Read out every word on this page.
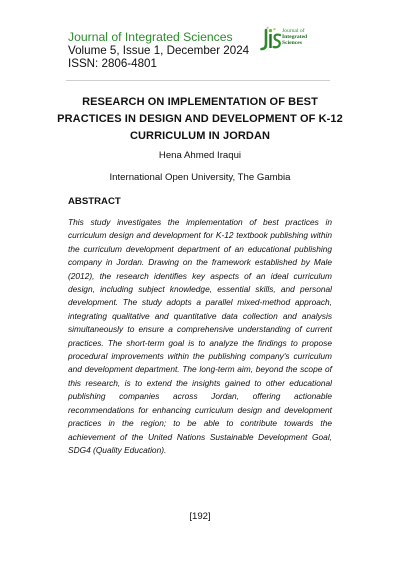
Journal of Integrated Sciences
Volume 5, Issue 1, December 2024
ISSN: 2806-4801
Journal of
Integrated
Sciences
RESEARCH ON IMPLEMENTATION OF BEST PRACTICES IN DESIGN AND DEVELOPMENT OF K-12 CURRICULUM IN JORDAN
Hena Ahmed Iraqui
International Open University, The Gambia
ABSTRACT
This study investigates the implementation of best practices in curriculum design and development for K-12 textbook publishing within the curriculum development department of an educational publishing company in Jordan. Drawing on the framework established by Male (2012), the research identifies key aspects of an ideal curriculum design, including subject knowledge, essential skills, and personal development. The study adopts a parallel mixed-method approach, integrating qualitative and quantitative data collection and analysis simultaneously to ensure a comprehensive understanding of current practices. The short-term goal is to analyze the findings to propose procedural improvements within the publishing company's curriculum and development department. The long-term aim, beyond the scope of this research, is to extend the insights gained to other educational publishing companies across Jordan, offering actionable recommendations for enhancing curriculum design and development practices in the region; to be able to contribute towards the achievement of the United Nations Sustainable Development Goal, SDG4 (Quality Education).
[192]
